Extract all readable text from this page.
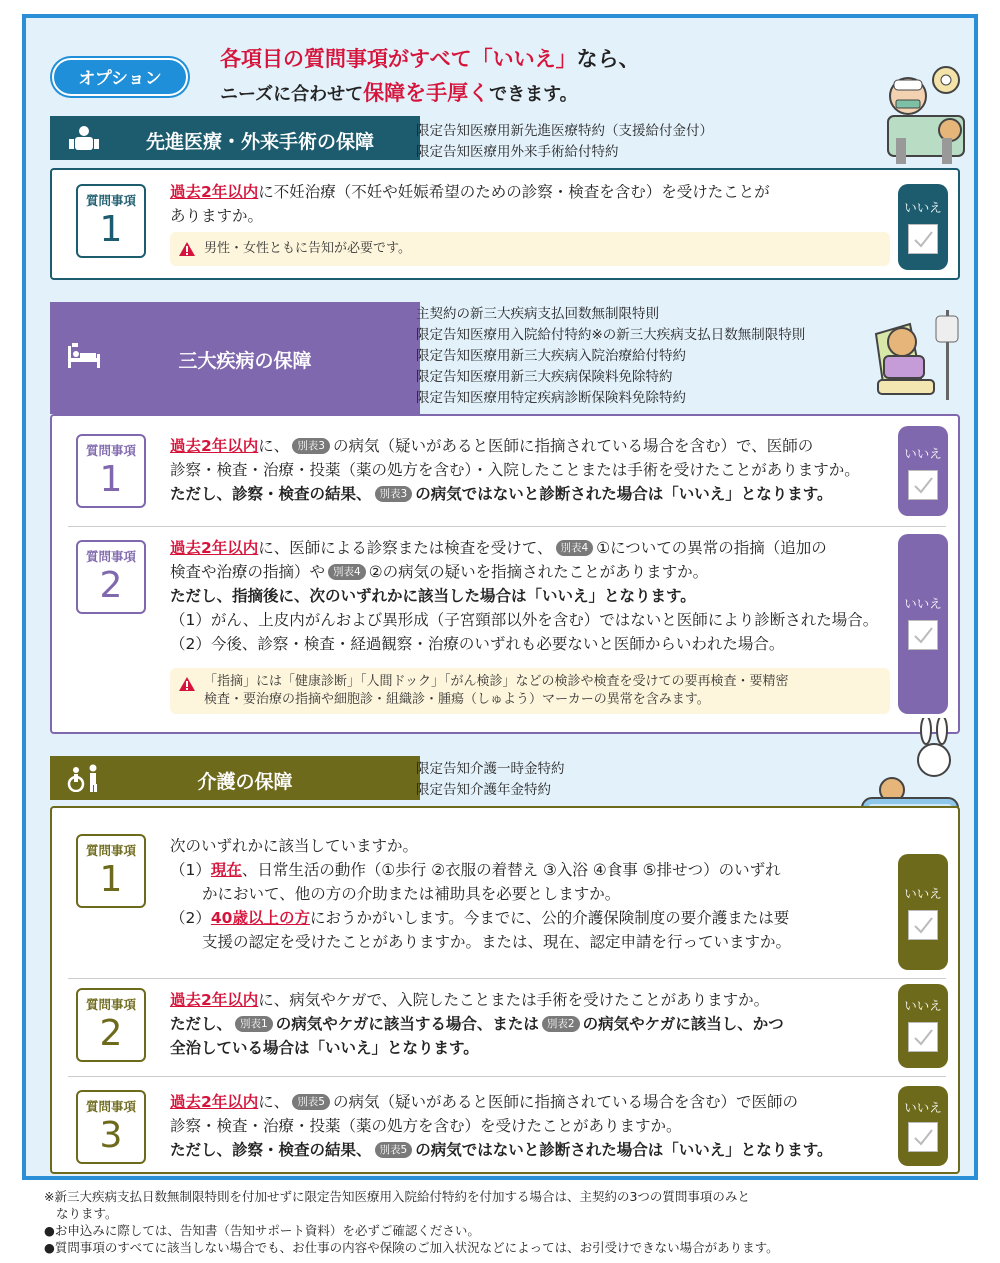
オプション
各項目の質問事項がすべて「いいえ」なら、
ニーズに合わせて保障を手厚くできます。
先進医療・外来手術の保障	限定告知医療用新先進医療特約（支援給付金付）
限定告知医療用外来手術給付特約
質問事項
1
過去2年以内に不妊治療（不妊や妊娠希望のための診察・検査を含む）を受けたことが
ありますか。
男性・女性ともに告知が必要です。
いいえ
三大疾病の保障
主契約の新三大疾病支払回数無制限特則
限定告知医療用入院給付特約※の新三大疾病支払日数無制限特則
限定告知医療用新三大疾病入院治療給付特約
限定告知医療用新三大疾病保険料免除特約
限定告知医療用特定疾病診断保険料免除特約
質問事項
1
過去2年以内に、 別表3 の病気（疑いがあると医師に指摘されている場合を含む）で、医師の
診察・検査・治療・投薬（薬の処方を含む）・入院したことまたは手術を受けたことがありますか。
ただし、診察・検査の結果、 別表3 の病気ではないと診断された場合は「いいえ」となります。
いいえ
質問事項
2
過去2年以内に、医師による診察または検査を受けて、 別表4 ①についての異常の指摘（追加の
検査や治療の指摘）や 別表4 ②の病気の疑いを指摘されたことがありますか。
ただし、指摘後に、次のいずれかに該当した場合は「いいえ」となります。
（1）がん、上皮内がんおよび異形成（子宮頸部以外を含む）ではないと医師により診断された場合。
（2）今後、診察・検査・経過観察・治療のいずれも必要ないと医師からいわれた場合。
「指摘」には「健康診断」「人間ドック」「がん検診」などの検診や検査を受けての要再検査・要精密
検査・要治療の指摘や細胞診・組織診・腫瘍（しゅよう）マーカーの異常を含みます。
いいえ
介護の保障
限定告知介護一時金特約
限定告知介護年金特約
質問事項
1
次のいずれかに該当していますか。
（1）現在、日常生活の動作（①歩行 ②衣服の着替え ③入浴 ④食事 ⑤排せつ）のいずれ
かにおいて、他の方の介助または補助具を必要としますか。
（2）40歳以上の方におうかがいします。今までに、公的介護保険制度の要介護または要
支援の認定を受けたことがありますか。または、現在、認定申請を行っていますか。
いいえ
質問事項
2
過去2年以内に、病気やケガで、入院したことまたは手術を受けたことがありますか。
ただし、 別表1 の病気やケガに該当する場合、または 別表2 の病気やケガに該当し、かつ
全治している場合は「いいえ」となります。
いいえ
質問事項
3
過去2年以内に、 別表5 の病気（疑いがあると医師に指摘されている場合を含む）で医師の
診察・検査・治療・投薬（薬の処方を含む）を受けたことがありますか。
ただし、診察・検査の結果、 別表5 の病気ではないと診断された場合は「いいえ」となります。
いいえ
※新三大疾病支払日数無制限特則を付加せずに限定告知医療用入院給付特約を付加する場合は、主契約の3つの質問事項のみと
なります。
●お申込みに際しては、告知書（告知サポート資料）を必ずご確認ください。
●質問事項のすべてに該当しない場合でも、お仕事の内容や保険のご加入状況などによっては、お引受けできない場合があります。
